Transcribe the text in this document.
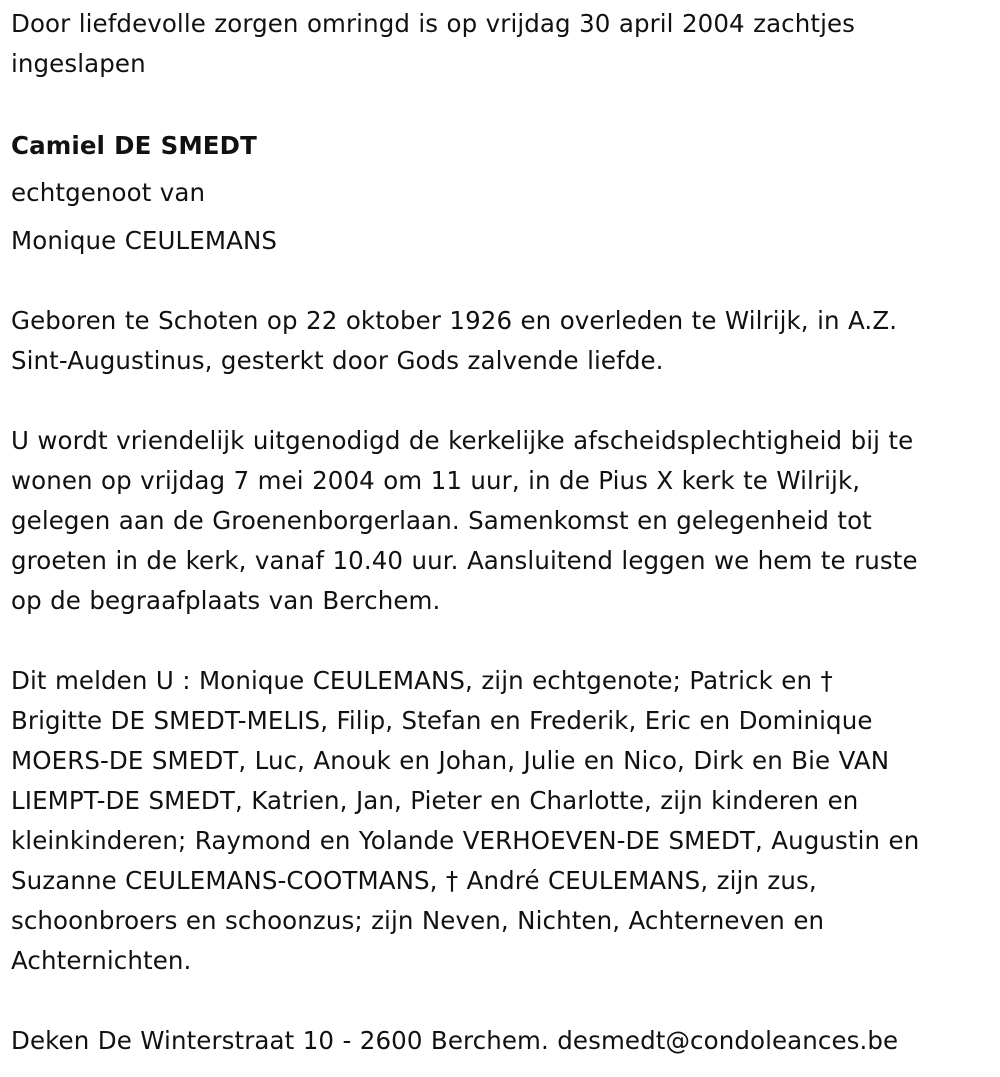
Door liefdevolle zorgen omringd is op vrijdag 30 april 2004 zachtjes
ingeslapen
Camiel DE SMEDT
echtgenoot van
Monique CEULEMANS
Geboren te Schoten op 22 oktober 1926 en overleden te Wilrijk, in A.Z.
Sint-Augustinus, gesterkt door Gods zalvende liefde.
U wordt vriendelijk uitgenodigd de kerkelijke afscheidsplechtigheid bij te
wonen op vrijdag 7 mei 2004 om 11 uur, in de Pius X kerk te Wilrijk,
gelegen aan de Groenenborgerlaan. Samenkomst en gelegenheid tot
groeten in de kerk, vanaf 10.40 uur. Aansluitend leggen we hem te ruste
op de begraafplaats van Berchem.
Dit melden U : Monique CEULEMANS, zijn echtgenote; Patrick en †
Brigitte DE SMEDT-MELIS, Filip, Stefan en Frederik, Eric en Dominique
MOERS-DE SMEDT, Luc, Anouk en Johan, Julie en Nico, Dirk en Bie VAN
LIEMPT-DE SMEDT, Katrien, Jan, Pieter en Charlotte, zijn kinderen en
kleinkinderen; Raymond en Yolande VERHOEVEN-DE SMEDT, Augustin en
Suzanne CEULEMANS-COOTMANS, † André CEULEMANS, zijn zus,
schoonbroers en schoonzus; zijn Neven, Nichten, Achterneven en
Achternichten.
Deken De Winterstraat 10 - 2600 Berchem. desmedt@condoleances.be
